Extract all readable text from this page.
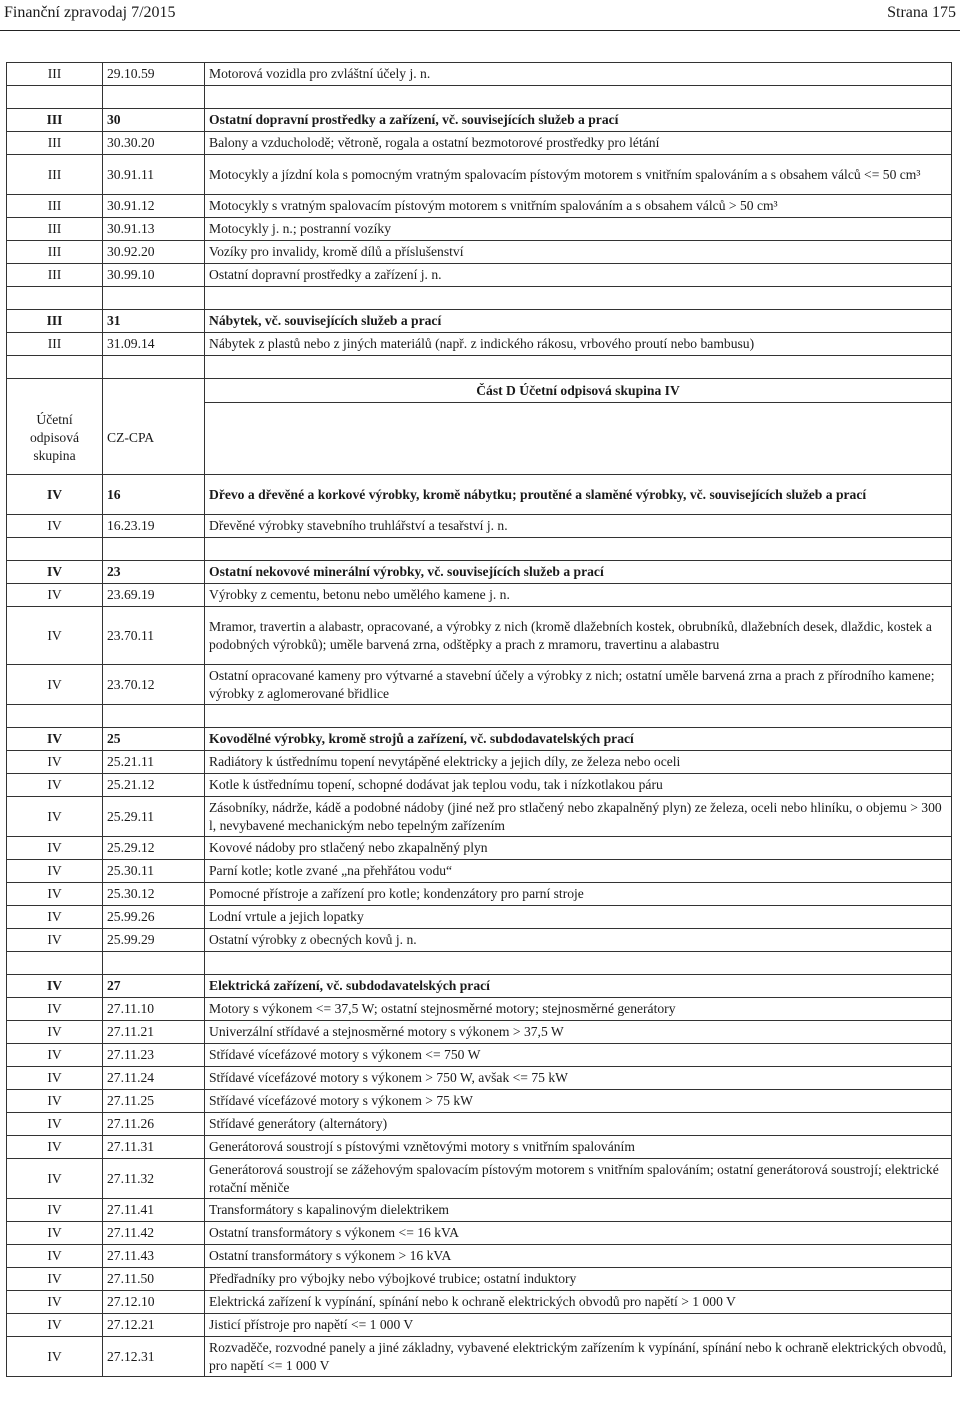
Finanční zpravodaj 7/2015	Strana 175
III	29.10.59	Motorová vozidla pro zvláštní účely j. n.

III	30	Ostatní dopravní prostředky a zařízení, vč. souvisejících služeb a prací
III	30.30.20	Balony a vzducholodě; větroně, rogala a ostatní bezmotorové prostředky pro létání
III	30.91.11	Motocykly a jízdní kola s pomocným vratným spalovacím pístovým motorem s vnitřním spalováním a s obsahem válců <= 50 cm³
III	30.91.12	Motocykly s vratným spalovacím pístovým motorem s vnitřním spalováním a s obsahem válců > 50 cm³
III	30.91.13	Motocykly j. n.; postranní vozíky
III	30.92.20	Vozíky pro invalidy, kromě dílů a příslušenství
III	30.99.10	Ostatní dopravní prostředky a zařízení j. n.

III	31	Nábytek, vč. souvisejících služeb a prací
III	31.09.14	Nábytek z plastů nebo z jiných materiálů (např. z indického rákosu, vrbového proutí nebo bambusu)

		Část D Účetní odpisová skupina IV
Účetní odpisová skupina	CZ-CPA	
IV	16	Dřevo a dřevěné a korkové výrobky, kromě nábytku; proutěné a slaměné výrobky, vč. souvisejících služeb a prací
IV	16.23.19	Dřevěné výrobky stavebního truhlářství a tesařství j. n.

IV	23	Ostatní nekovové minerální výrobky, vč. souvisejících služeb a prací
IV	23.69.19	Výrobky z cementu, betonu nebo umělého kamene j. n.
IV	23.70.11	Mramor, travertin a alabastr, opracované, a výrobky z nich (kromě dlažebních kostek, obrubníků, dlažebních desek, dlaždic, kostek a podobných výrobků); uměle barvená zrna, odštěpky a prach z mramoru, travertinu a alabastru
IV	23.70.12	Ostatní opracované kameny pro výtvarné a stavební účely a výrobky z nich; ostatní uměle barvená zrna a prach z přírodního kamene; výrobky z aglomerované břidlice

IV	25	Kovodělné výrobky, kromě strojů a zařízení, vč. subdodavatelských prací
IV	25.21.11	Radiátory k ústřednímu topení nevytápěné elektricky a jejich díly, ze železa nebo oceli
IV	25.21.12	Kotle k ústřednímu topení, schopné dodávat jak teplou vodu, tak i nízkotlakou páru
IV	25.29.11	Zásobníky, nádrže, kádě a podobné nádoby (jiné než pro stlačený nebo zkapalněný plyn) ze železa, oceli nebo hliníku, o objemu > 300 l, nevybavené mechanickým nebo tepelným zařízením
IV	25.29.12	Kovové nádoby pro stlačený nebo zkapalněný plyn
IV	25.30.11	Parní kotle; kotle zvané „na přehřátou vodu“
IV	25.30.12	Pomocné přístroje a zařízení pro kotle; kondenzátory pro parní stroje
IV	25.99.26	Lodní vrtule a jejich lopatky
IV	25.99.29	Ostatní výrobky z obecných kovů j. n.

IV	27	Elektrická zařízení, vč. subdodavatelských prací
IV	27.11.10	Motory s výkonem <= 37,5 W; ostatní stejnosměrné motory; stejnosměrné generátory
IV	27.11.21	Univerzální střídavé a stejnosměrné motory s výkonem > 37,5 W
IV	27.11.23	Střídavé vícefázové motory s výkonem <= 750 W
IV	27.11.24	Střídavé vícefázové motory s výkonem > 750 W, avšak <= 75 kW
IV	27.11.25	Střídavé vícefázové motory s výkonem > 75 kW
IV	27.11.26	Střídavé generátory (alternátory)
IV	27.11.31	Generátorová soustrojí s pístovými vznětovými motory s vnitřním spalováním
IV	27.11.32	Generátorová soustrojí se zážehovým spalovacím pístovým motorem s vnitřním spalováním; ostatní generátorová soustrojí; elektrické rotační měniče
IV	27.11.41	Transformátory s kapalinovým dielektrikem
IV	27.11.42	Ostatní transformátory s výkonem <= 16 kVA
IV	27.11.43	Ostatní transformátory s výkonem > 16 kVA
IV	27.11.50	Předřadníky pro výbojky nebo výbojkové trubice; ostatní induktory
IV	27.12.10	Elektrická zařízení k vypínání, spínání nebo k ochraně elektrických obvodů pro napětí > 1 000 V
IV	27.12.21	Jisticí přístroje pro napětí <= 1 000 V
IV	27.12.31	Rozvaděče, rozvodné panely a jiné základny, vybavené elektrickým zařízením k vypínání, spínání nebo k ochraně elektrických obvodů, pro napětí <= 1 000 V
